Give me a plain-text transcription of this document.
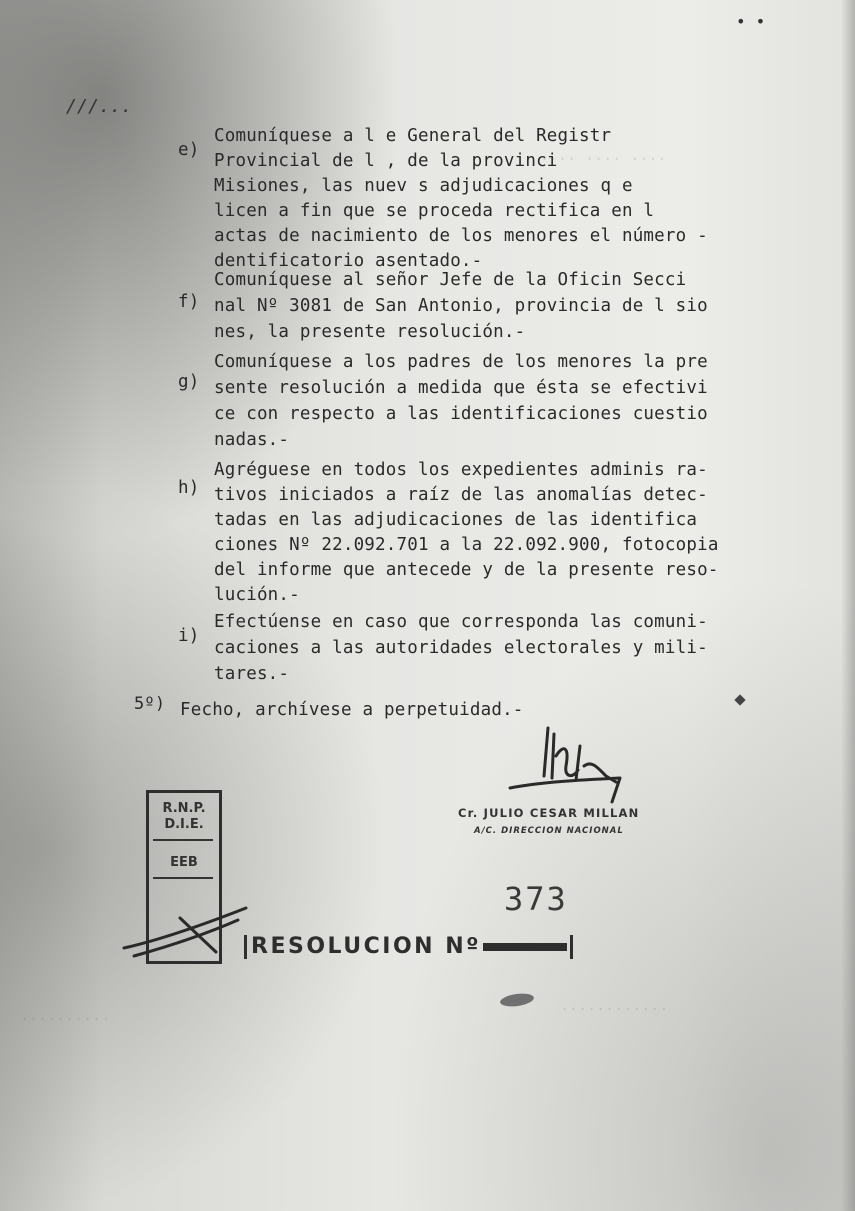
···· ···· ····
············
··········
• •
///...
e)
Comuníquese a l e General del Registr
Provincial de l , de la provinci
Misiones, las nuev s adjudicaciones q e
licen a fin que se proceda rectifica en l
actas de nacimiento de los menores el número -
dentificatorio asentado.-
f)
Comuníquese al señor Jefe de la Oficin Secci
nal Nº 3081 de San Antonio, provincia de l sio
nes, la presente resolución.-
g)
Comuníquese a los padres de los menores la pre
sente resolución a medida que ésta se efectivi
ce con respecto a las identificaciones cuestio
nadas.-
h)
Agréguese en todos los expedientes adminis ra-
tivos iniciados a raíz de las anomalías detec-
tadas en las adjudicaciones de las identifica
ciones Nº 22.092.701 a la 22.092.900, fotocopia
del informe que antecede y de la presente reso-
lución.-
i)
Efectúense en caso que corresponda las comuni-
caciones a las autoridades electorales y mili-
tares.-
5º) Fecho, archívese a perpetuidad.-
Cr. JULIO CESAR MILLAN
A/C. DIRECCION NACIONAL
R.N.P.
D.I.E.
EEB
373
RESOLUCION Nº
